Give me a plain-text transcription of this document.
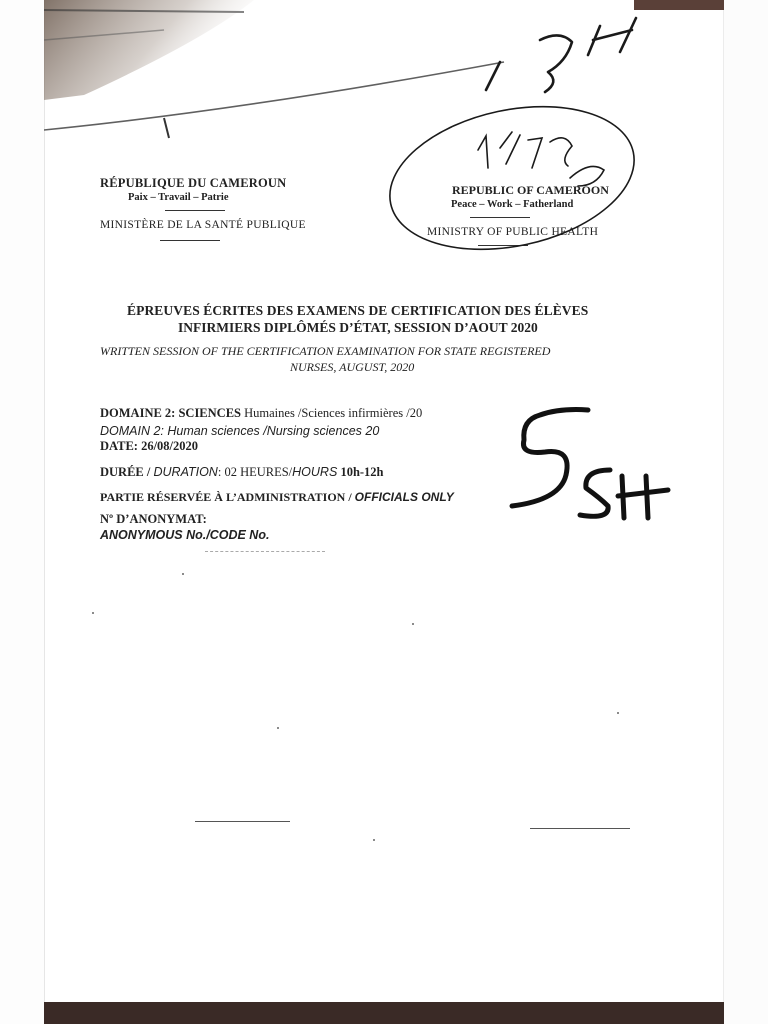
RÉPUBLIQUE DU CAMEROUN
Paix – Travail – Patrie
MINISTÈRE DE LA SANTÉ PUBLIQUE
REPUBLIC OF CAMEROON
Peace – Work – Fatherland
MINISTRY OF PUBLIC HEALTH
ÉPREUVES ÉCRITES DES EXAMENS DE CERTIFICATION DES ÉLÈVES
INFIRMIERS DIPLÔMÉS D’ÉTAT, SESSION D’AOUT 2020
WRITTEN SESSION OF THE CERTIFICATION EXAMINATION FOR STATE REGISTERED
NURSES, AUGUST, 2020
DOMAINE 2: SCIENCES Humaines /Sciences infirmières /20
DOMAIN 2: Human sciences /Nursing sciences 20
DATE: 26/08/2020
DURÉE / DURATION: 02 HEURES/HOURS 10h-12h
PARTIE RÉSERVÉE À L’ADMINISTRATION / OFFICIALS ONLY
Nº D’ANONYMAT:
ANONYMOUS No./CODE No.
